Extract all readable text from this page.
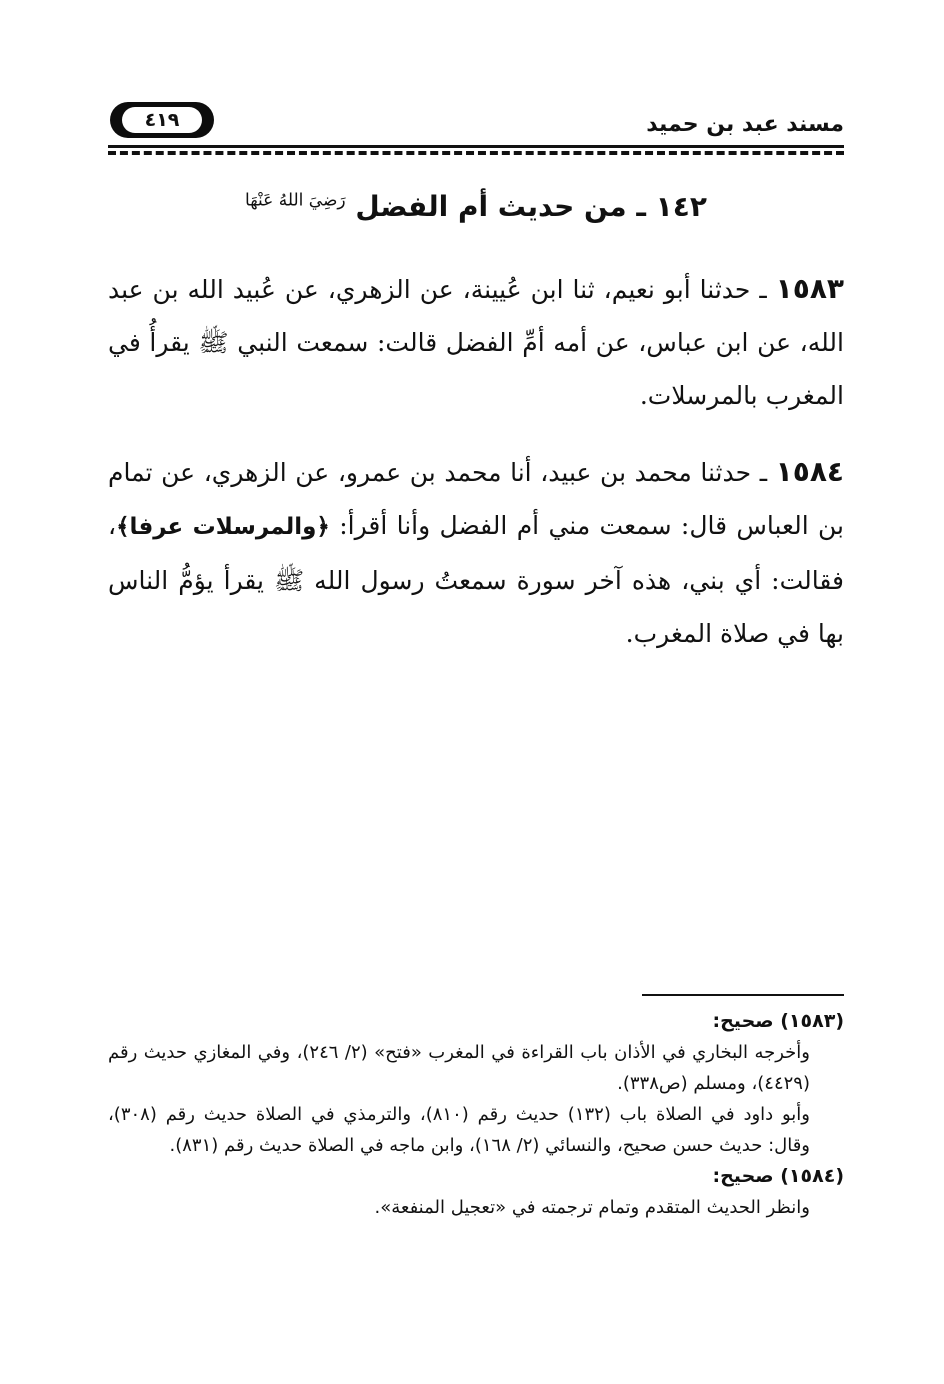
مسند عبد بن حميد
٤١٩
١٤٢ ـ من حديث أم الفضل $^{رَضِيَ اللهُ عَنْهَا}$
١٥٨٣ ـ حدثنا أبو نعيم، ثنا ابن عُيينة، عن الزهري، عن عُبيد الله بن عبد الله، عن ابن عباس، عن أمه أمِّ الفضل قالت: سمعت النبي ﷺ يقرأُ في المغرب بالمرسلات.
١٥٨٤ ـ حدثنا محمد بن عبيد، أنا محمد بن عمرو، عن الزهري، عن تمام بن العباس قال: سمعت مني أم الفضل وأنا أقرأ: ﴿والمرسلات عرفا﴾، فقالت: أي بني، هذه آخر سورة سمعتُ رسول الله ﷺ يقرأ يؤمُّ الناس بها في صلاة المغرب.
(١٥٨٣) صحيح:
وأخرجه البخاري في الأذان باب القراءة في المغرب «فتح» (٢/ ٢٤٦)، وفي المغازي حديث رقم (٤٤٢٩)، ومسلم (ص٣٣٨).
وأبو داود في الصلاة باب (١٣٢) حديث رقم (٨١٠)، والترمذي في الصلاة حديث رقم (٣٠٨)، وقال: حديث حسن صحيح، والنسائي (٢/ ١٦٨)، وابن ماجه في الصلاة حديث رقم (٨٣١).
(١٥٨٤) صحيح:
وانظر الحديث المتقدم وتمام ترجمته في «تعجيل المنفعة».
